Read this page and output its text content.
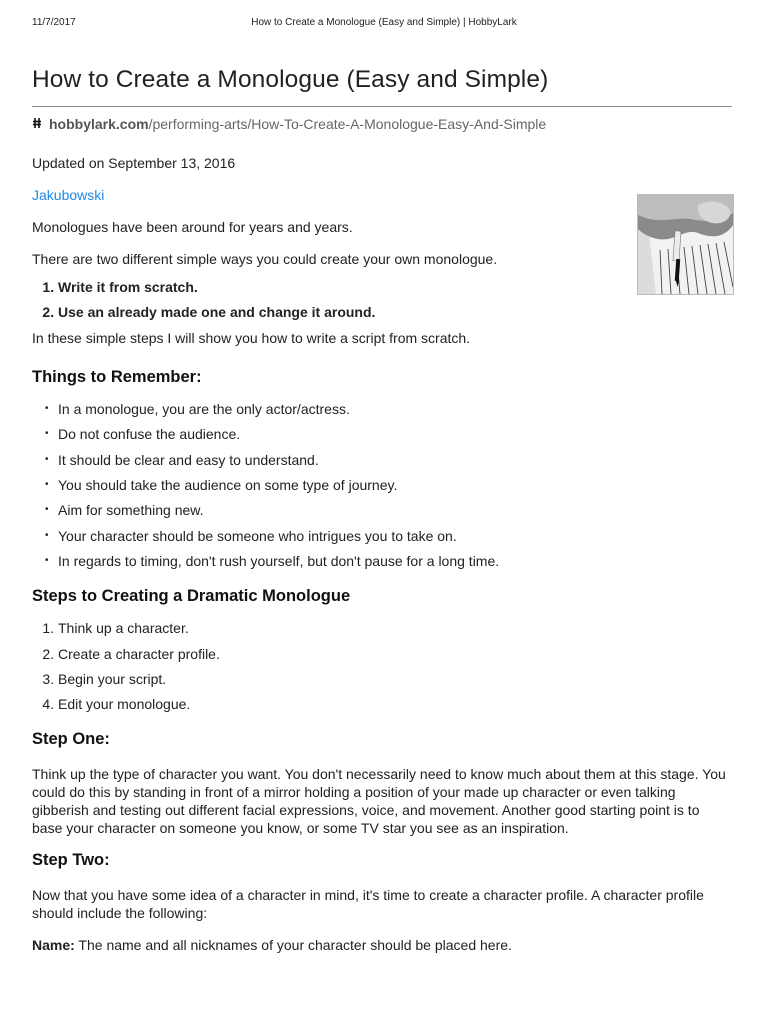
11/7/2017	How to Create a Monologue (Easy and Simple) | HobbyLark
How to Create a Monologue (Easy and Simple)
hobbylark.com /performing-arts/How-To-Create-A-Monologue-Easy-And-Simple

Updated on September 13, 2016

Jakubowski

Monologues have been around for years and years.

There are two different simple ways you could create your own monologue.

1. Write it from scratch.
2. Use an already made one and change it around.

In these simple steps I will show you how to write a script from scratch.

Things to Remember:
• In a monologue, you are the only actor/actress.
• Do not confuse the audience.
• It should be clear and easy to understand.
• You should take the audience on some type of journey.
• Aim for something new.
• Your character should be someone who intrigues you to take on.
• In regards to timing, don't rush yourself, but don't pause for a long time.
Steps to Creating a Dramatic Monologue
1. Think up a character.
2. Create a character profile.
3. Begin your script.
4. Edit your monologue.
Step One:

Think up the type of character you want. You don't necessarily need to know much about them at this stage. You could do this by standing in front of a mirror holding a position of your made up character or even talking gibberish and testing out different facial expressions, voice, and movement. Another good starting point is to base your character on someone you know, or some TV star you see as an inspiration.

Step Two:

Now that you have some idea of a character in mind, it's time to create a character profile. A character profile should include the following:

Name: The name and all nicknames of your character should be placed here.
